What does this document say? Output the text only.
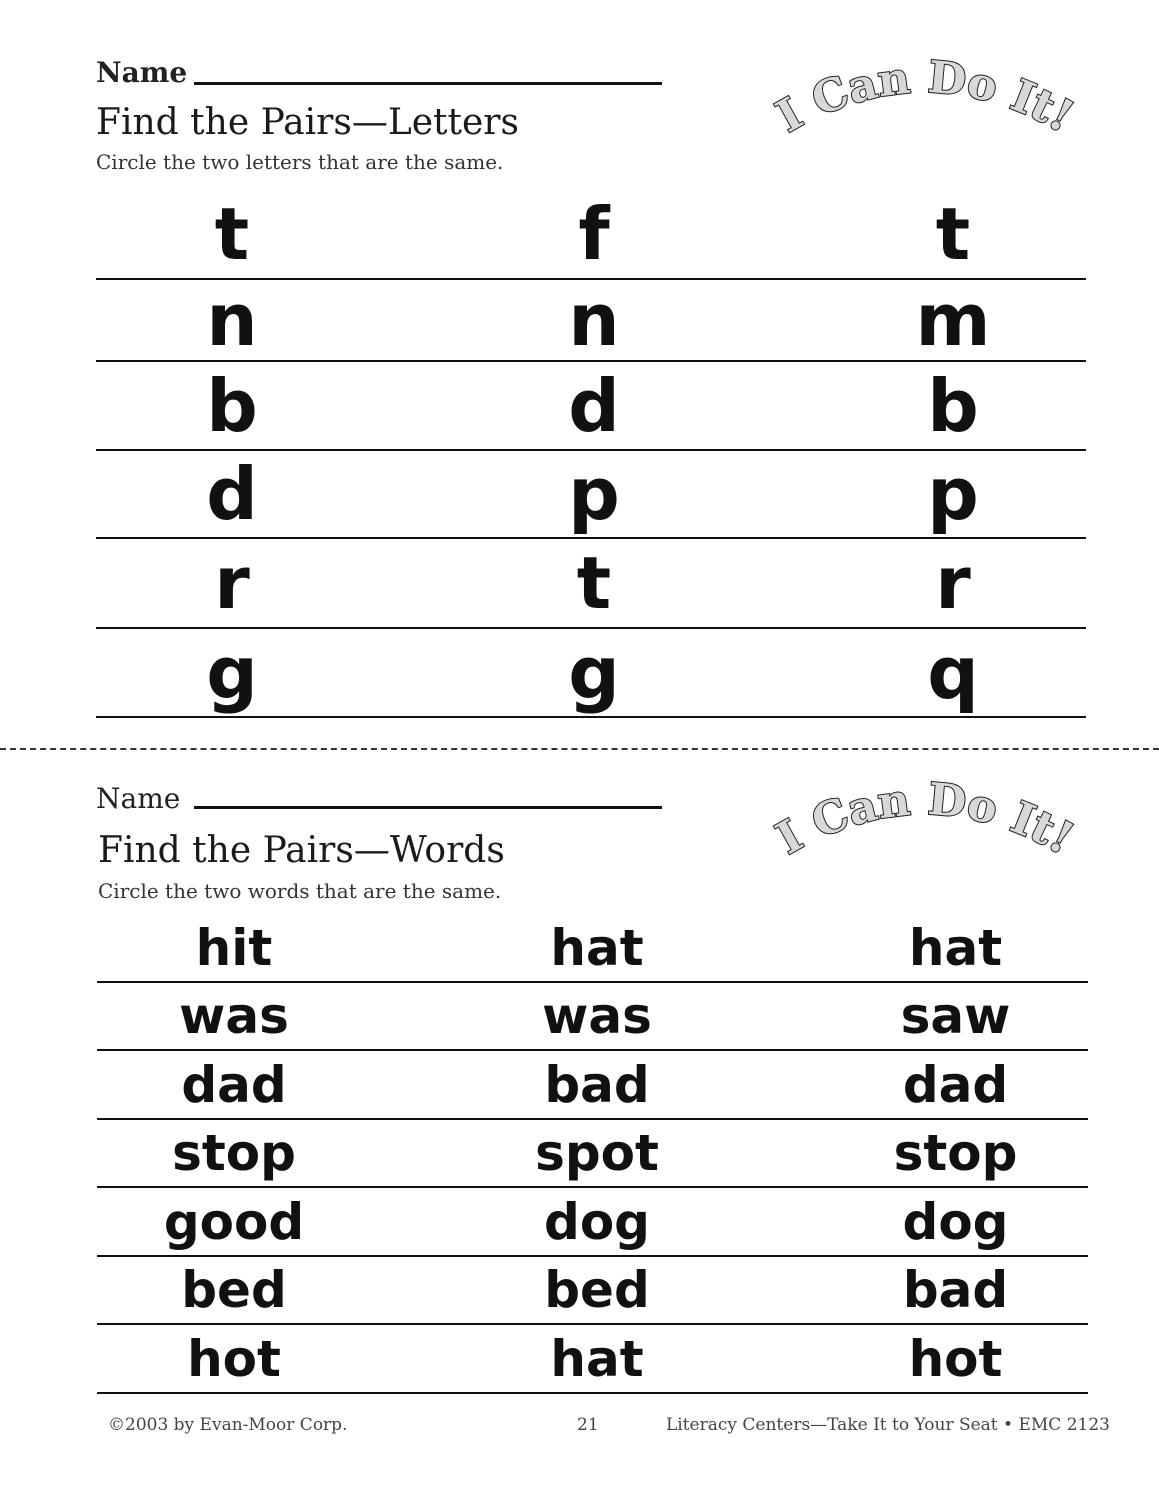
Name
I Can Do It!
Find the Pairs—Letters
Circle the two letters that are the same.
t	f	t
n	n	m
b	d	b
d	p	p
r	t	r
g	g	q
Name
I Can Do It!
Find the Pairs—Words
Circle the two words that are the same.
hit	hat	hat
was	was	saw
dad	bad	dad
stop	spot	stop
good	dog	dog
bed	bed	bad
hot	hat	hot
©2003 by Evan-Moor Corp.	21	Literacy Centers—Take It to Your Seat • EMC 2123
